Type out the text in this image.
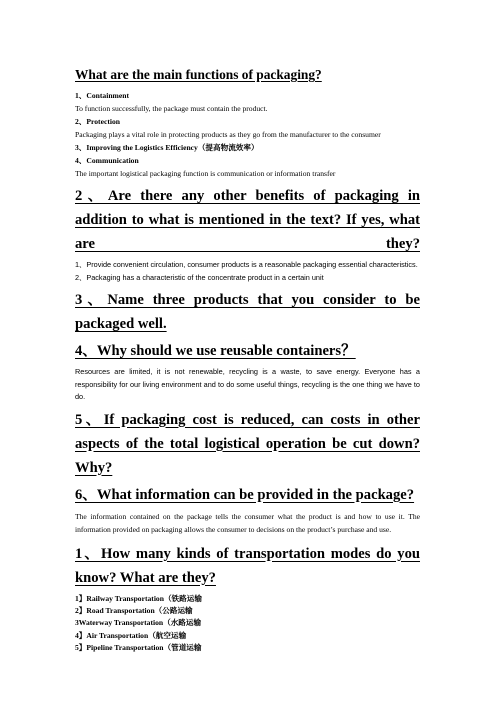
What are the main functions of packaging?

1、Containment

To function successfully, the package must contain the product.

2、Protection

Packaging plays a vital role in protecting products as they go from the manufacturer to the consumer

3、Improving the Logistics Efficiency（提高物流效率）

4、Communication

The important logistical packaging function is communication or information transfer

2、Are there any other benefits of packaging in addition to what is mentioned in the text? If yes, what are they?

1、Provide convenient circulation, consumer products is a reasonable packaging essential characteristics.

2、Packaging has a characteristic of the concentrate product in a certain unit

3、Name three products that you consider to be packaged well.
4、Why should we use reusable containers？

Resources are limited, it is not renewable, recycling is a waste, to save energy. Everyone has a responsibility for our living environment and to do some useful things, recycling is the one thing we have to do.

5、If packaging cost is reduced, can costs in other aspects of the total logistical operation be cut down? Why?
6、What information can be provided in the package?

The information contained on the package tells the consumer what the product is and how to use it. The information provided on packaging allows the consumer to decisions on the product’s purchase and use.

1、How many kinds of transportation modes do you know? What are they?

1】Railway Transportation（铁路运输

2】Road Transportation（公路运输

3Waterway Transportation（水路运输

4】Air Transportation（航空运输

5】Pipeline Transportation（管道运输
